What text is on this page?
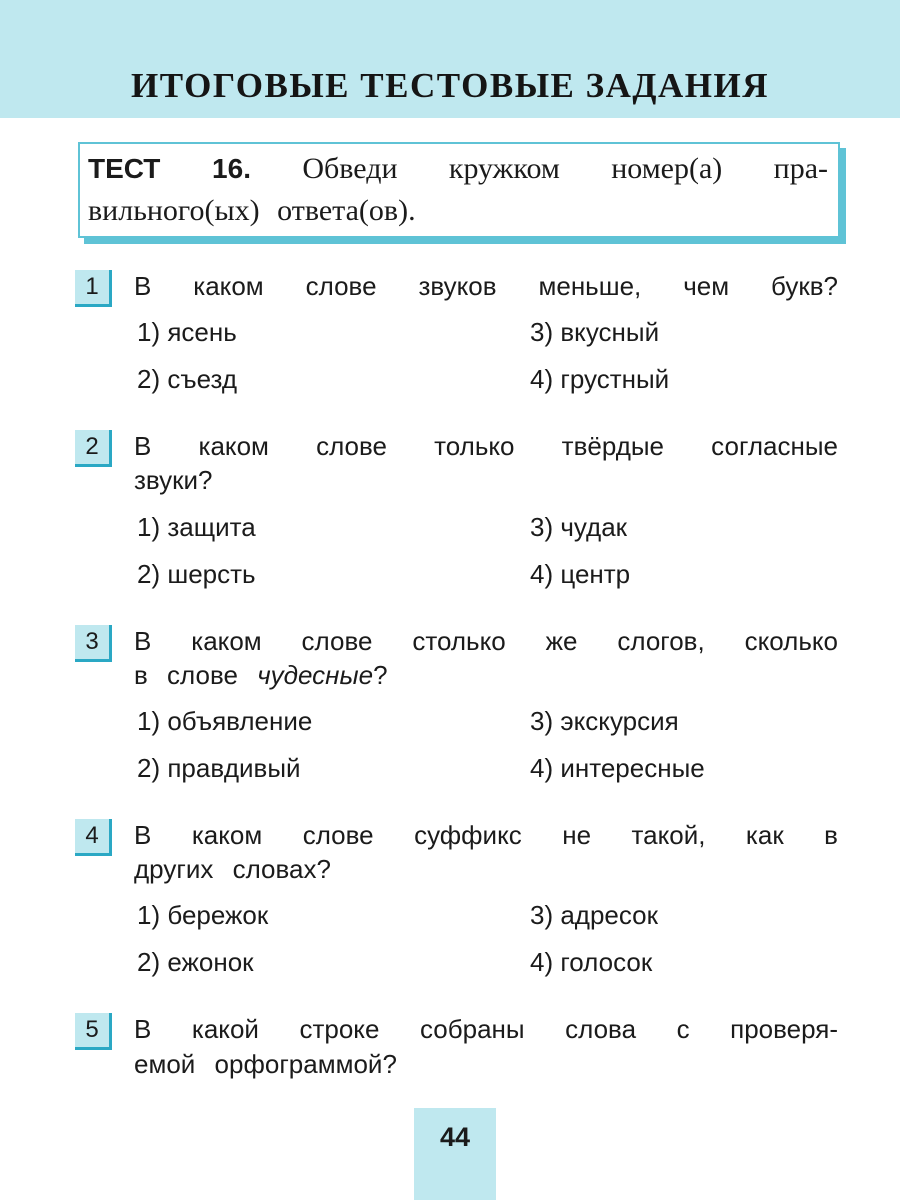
ИТОГОВЫЕ ТЕСТОВЫЕ ЗАДАНИЯ
ТЕСТ 16. Обведи кружком номер(а) пра-
вильного(ых) ответа(ов).
1	В каком слове звуков меньше, чем букв?
1) ясень	3) вкусный
2) съезд	4) грустный
2	В каком слове только твёрдые согласные
звуки?
1) защита	3) чудак
2) шерсть	4) центр
3	В каком слове столько же слогов, сколько
в слове чудесные?
1) объявление	3) экскурсия
2) правдивый	4) интересные
4	В каком слове суффикс не такой, как в
других словах?
1) бережок	3) адресок
2) ежонок	4) голосок
5	В какой строке собраны слова с проверя-
емой орфограммой?
44
